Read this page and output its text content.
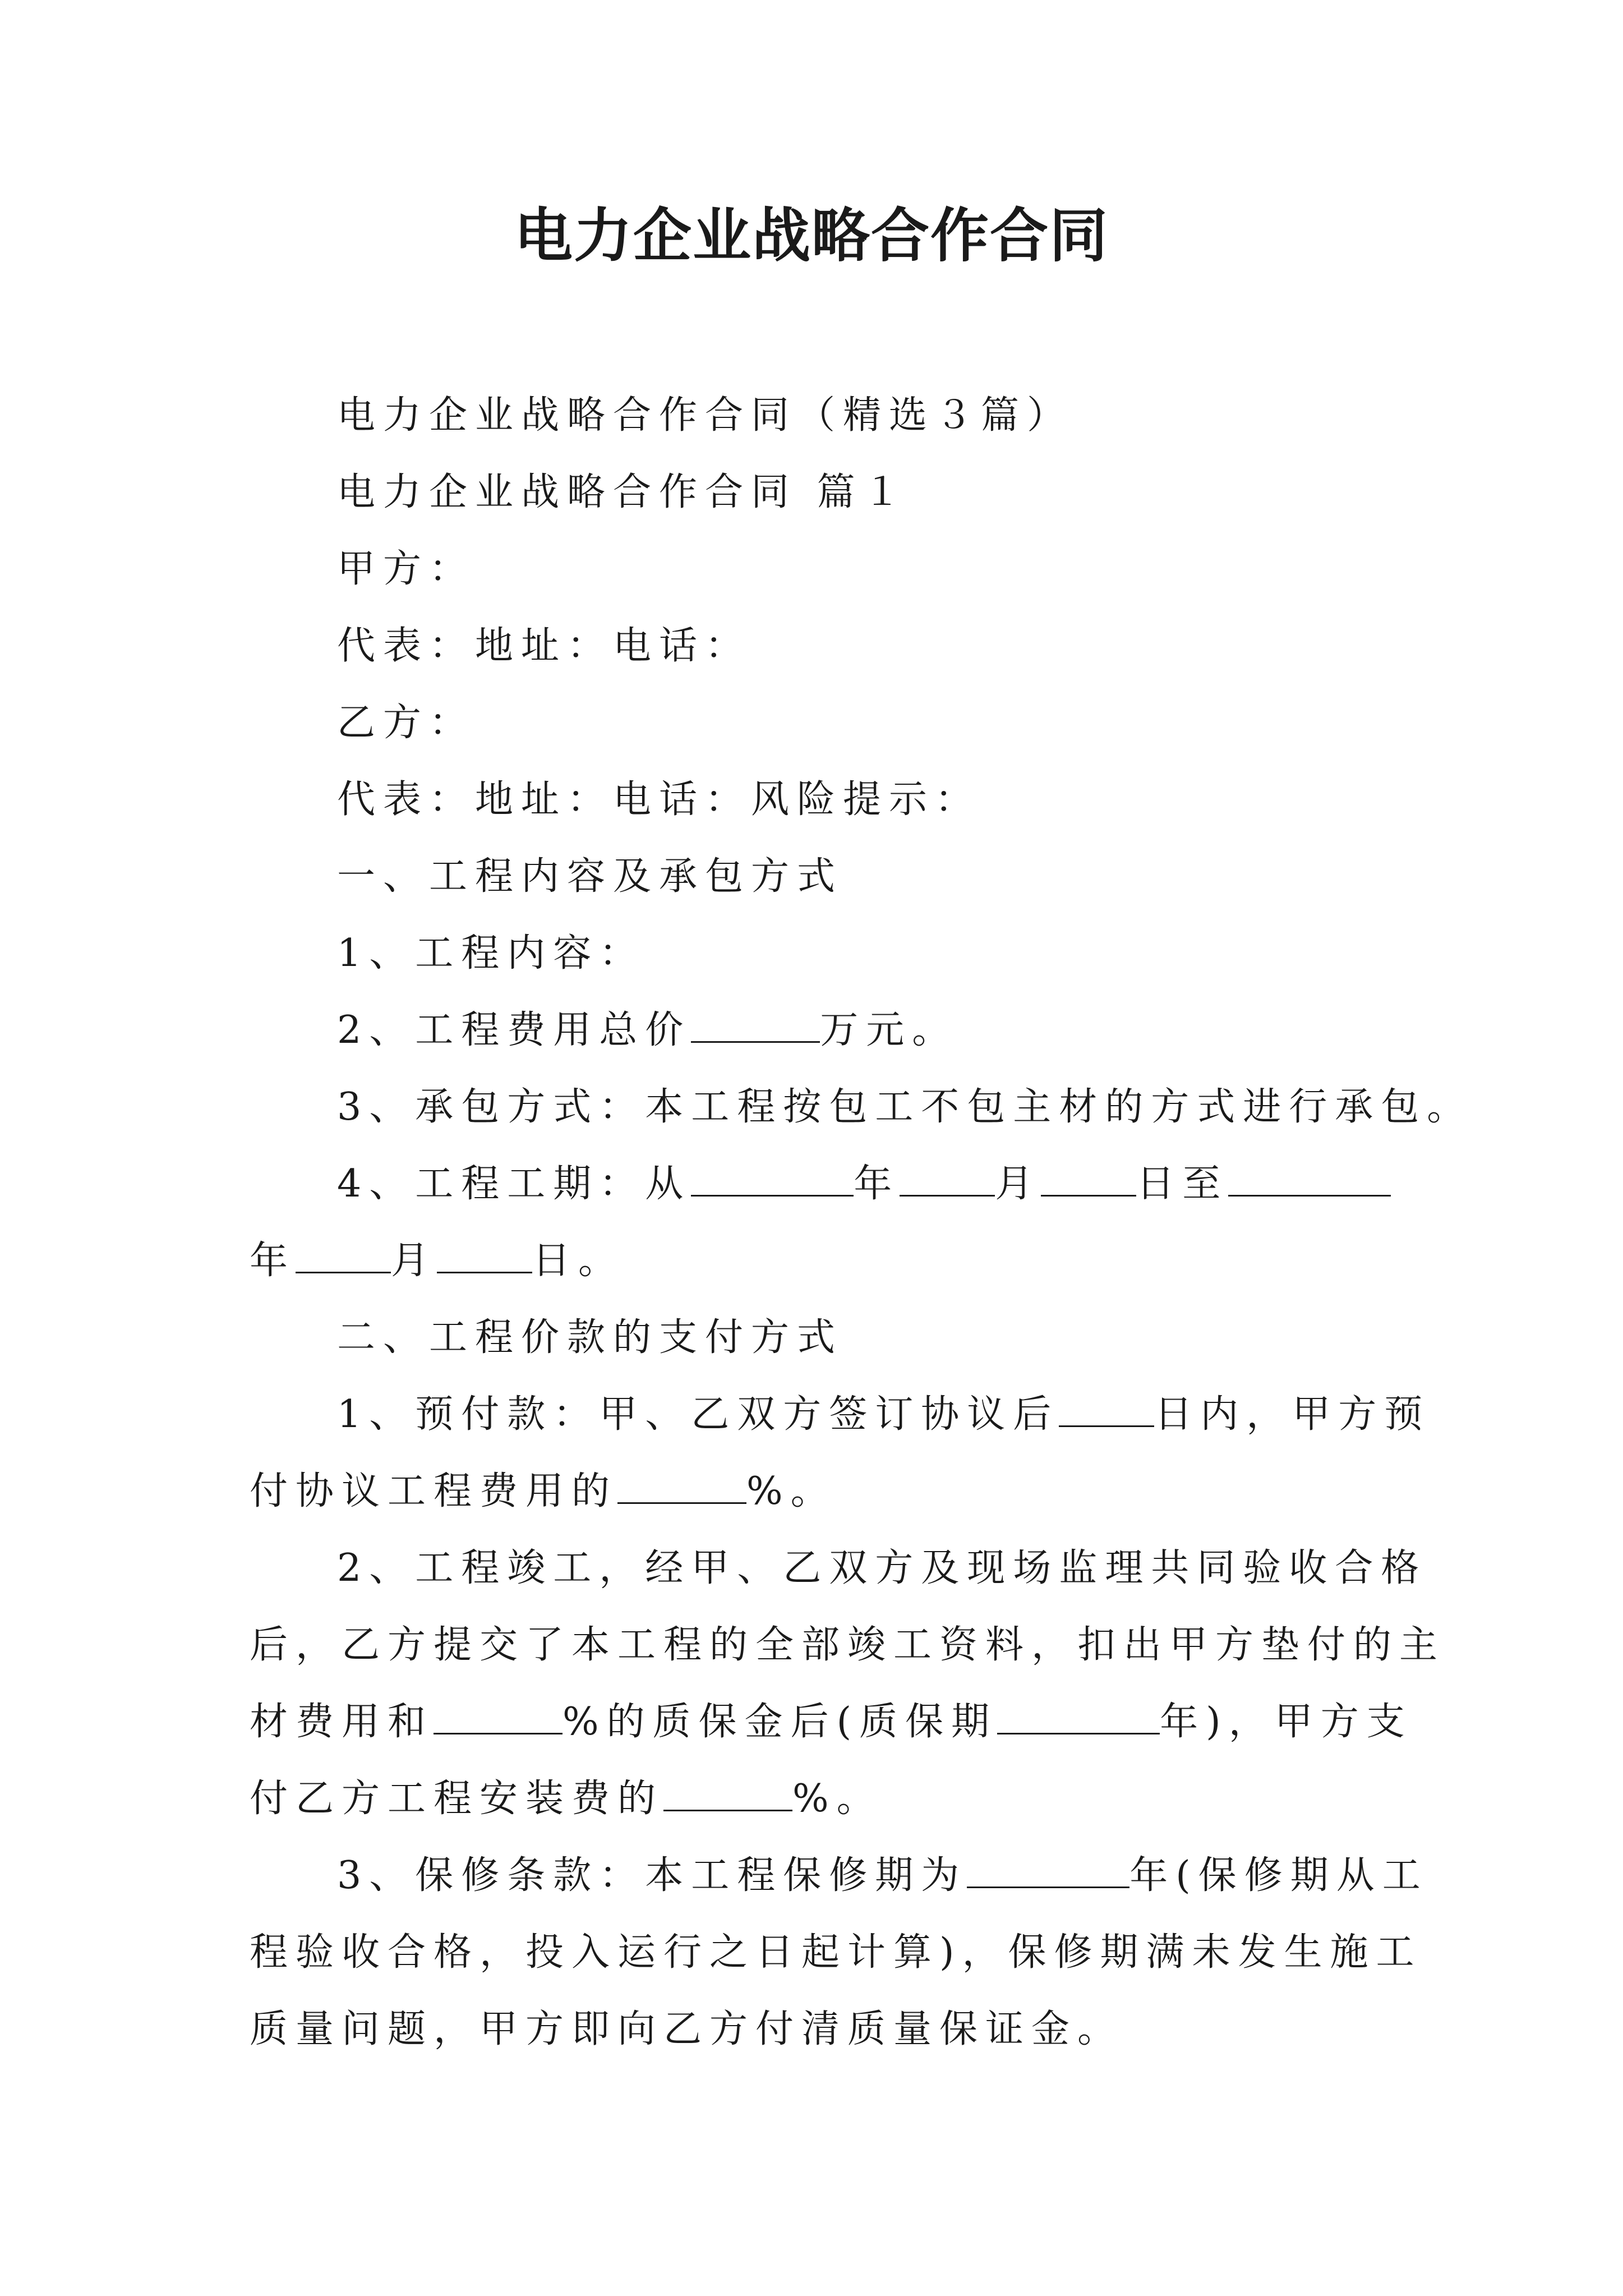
电力企业战略合作合同

电力企业战略合作合同（精选３篇）

电力企业战略合作合同 篇１

甲方：

代表：地址：电话：

乙方：

代表：地址：电话：风险提示：

一、工程内容及承包方式

1、工程内容：

2、工程费用总价	万元。

3、承包方式：本工程按包工不包主材的方式进行承包。

4、工程工期：从	年	月	日至

年	月	日。

二、工程价款的支付方式

1、预付款：甲、乙双方签订协议后	日内，甲方预

付协议工程费用的	%。

2、工程竣工，经甲、乙双方及现场监理共同验收合格

后，乙方提交了本工程的全部竣工资料，扣出甲方垫付的主

材费用和	%的质保金后(质保期	年)，甲方支

付乙方工程安装费的	%。

3、保修条款：本工程保修期为	年(保修期从工

程验收合格，投入运行之日起计算)，保修期满未发生施工

质量问题，甲方即向乙方付清质量保证金。
